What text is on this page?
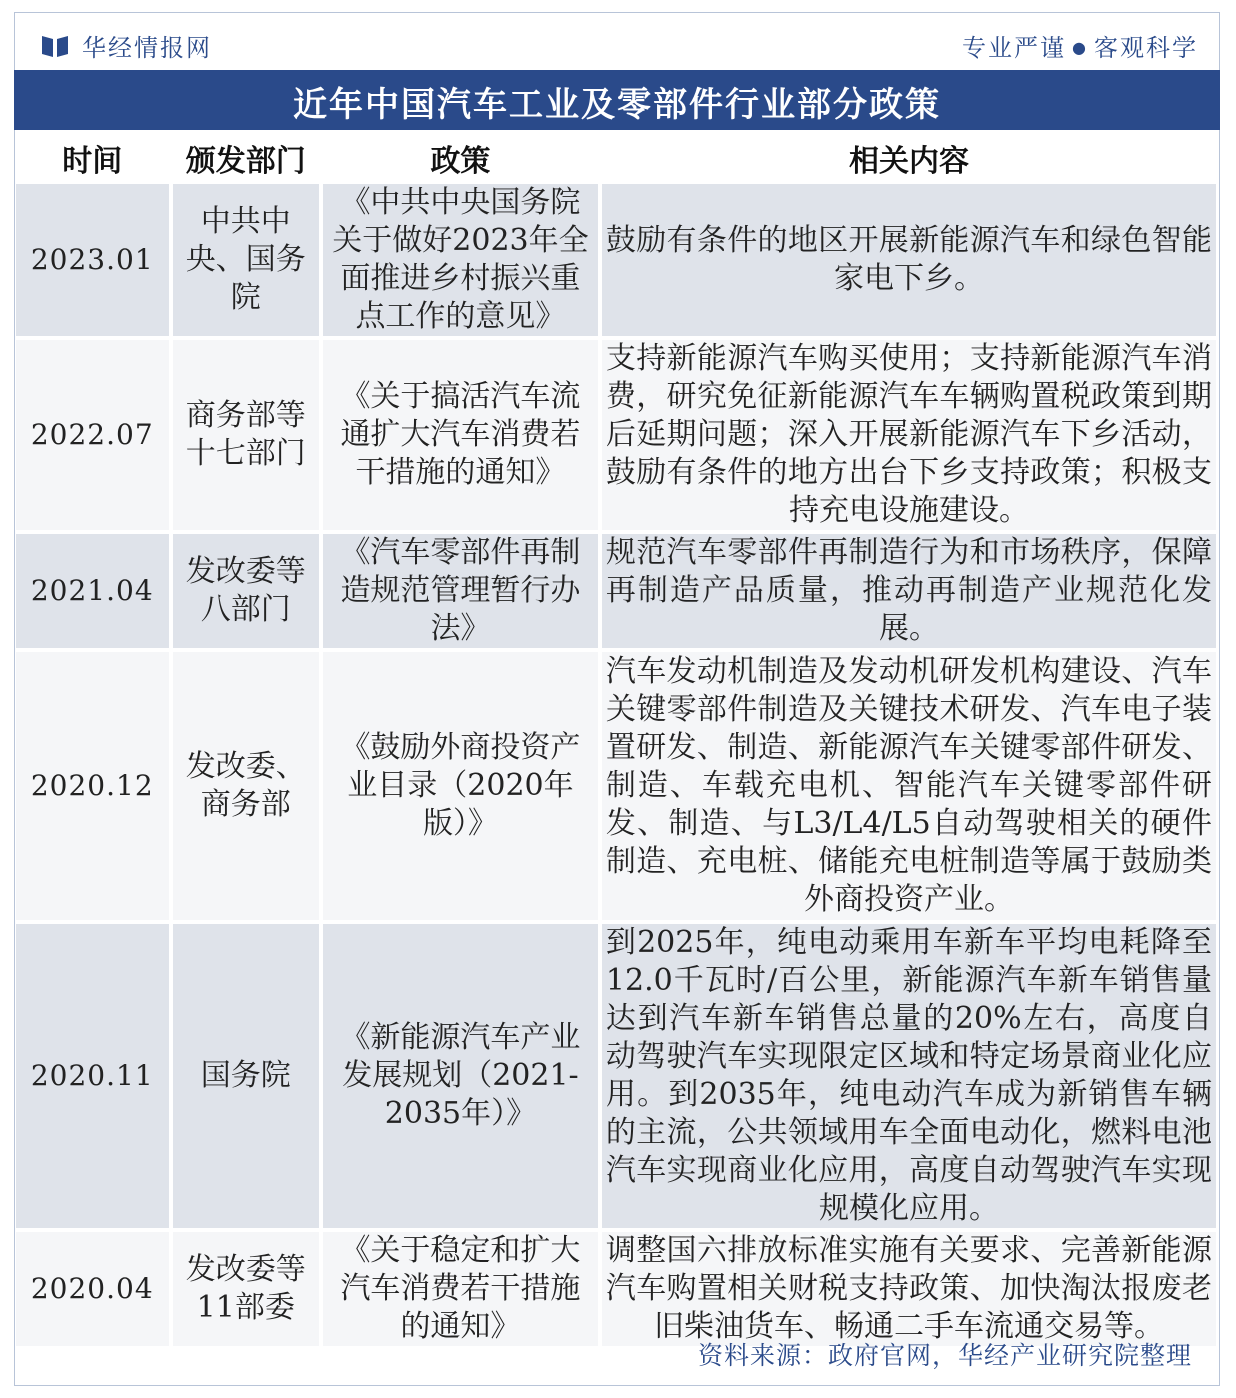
华经情报网	专业严谨 ● 客观科学
近年中国汽车工业及零部件行业部分政策
时间	颁发部门	政策	相关内容
2023.01	中共中央、国务院	《中共中央国务院关于做好2023年全面推进乡村振兴重点工作的意见》	鼓励有条件的地区开展新能源汽车和绿色智能家电下乡。
2022.07	商务部等十七部门	《关于搞活汽车流通扩大汽车消费若干措施的通知》	支持新能源汽车购买使用；支持新能源汽车消费，研究免征新能源汽车车辆购置税政策到期后延期问题；深入开展新能源汽车下乡活动，鼓励有条件的地方出台下乡支持政策；积极支持充电设施建设。
2021.04	发改委等八部门	《汽车零部件再制造规范管理暂行办法》	规范汽车零部件再制造行为和市场秩序，保障再制造产品质量，推动再制造产业规范化发展。
2020.12	发改委、商务部	《鼓励外商投资产业目录（2020年版）》	汽车发动机制造及发动机研发机构建设、汽车关键零部件制造及关键技术研发、汽车电子装置研发、制造、新能源汽车关键零部件研发、制造、车载充电机、智能汽车关键零部件研发、制造、与L3/L4/L5自动驾驶相关的硬件制造、充电桩、储能充电桩制造等属于鼓励类外商投资产业。
2020.11	国务院	《新能源汽车产业发展规划（2021-2035年）》	到2025年，纯电动乘用车新车平均电耗降至12.0千瓦时/百公里，新能源汽车新车销售量达到汽车新车销售总量的20%左右，高度自动驾驶汽车实现限定区域和特定场景商业化应用。到2035年，纯电动汽车成为新销售车辆的主流，公共领域用车全面电动化，燃料电池汽车实现商业化应用，高度自动驾驶汽车实现规模化应用。
2020.04	发改委等11部委	《关于稳定和扩大汽车消费若干措施的通知》	调整国六排放标准实施有关要求、完善新能源汽车购置相关财税支持政策、加快淘汰报废老旧柴油货车、畅通二手车流通交易等。
资料来源：政府官网，华经产业研究院整理
